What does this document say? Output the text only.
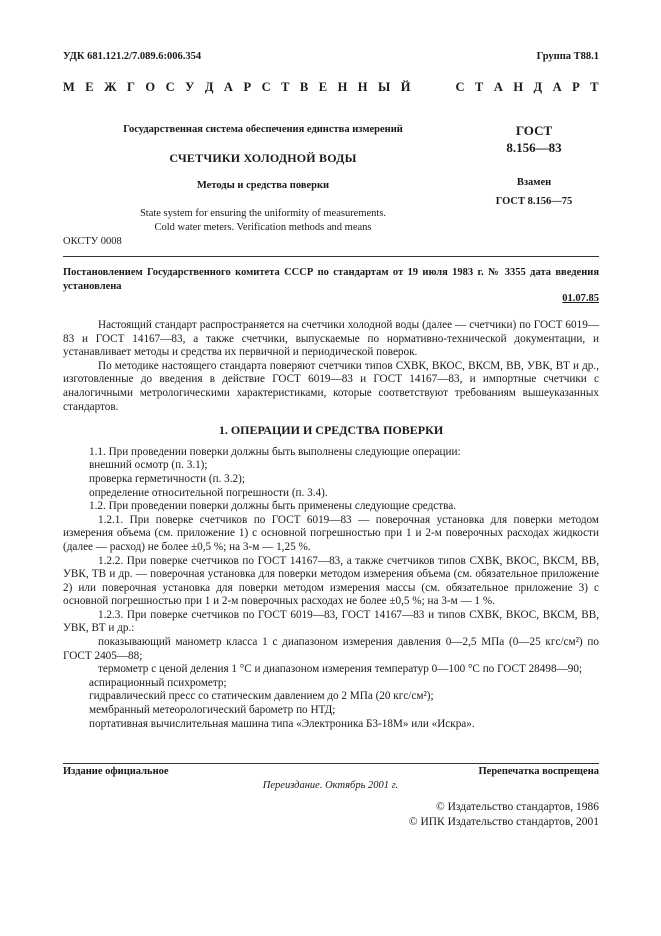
УДК 681.121.2/7.089.6:006.354	Группа Т88.1
М Е Ж Г О С У Д А Р С Т В Е Н Н Ы Й	С Т А Н Д А Р Т
Государственная система обеспечения единства измерений
СЧЕТЧИКИ ХОЛОДНОЙ ВОДЫ
Методы и средства поверки
State system for ensuring the uniformity of measurements.
Cold water meters. Verification methods and means
ГОСТ
8.156—83
Взамен
ГОСТ 8.156—75
ОКСТУ 0008
Постановлением Государственного комитета СССР по стандартам от 19 июля 1983 г. № 3355 дата введения установлена
01.07.85

Настоящий стандарт распространяется на счетчики холодной воды (далее — счетчики) по ГОСТ 6019—83 и ГОСТ 14167—83, а также счетчики, выпускаемые по нормативно-технической документации, и устанавливает методы и средства их первичной и периодической поверок.

По методике настоящего стандарта поверяют счетчики типов СХВК, ВКОС, ВКСМ, ВВ, УВК, ВТ и др., изготовленные до введения в действие ГОСТ 6019—83 и ГОСТ 14167—83, и импортные счетчики с аналогичными метрологическими характеристиками, которые соответствуют требованиям вышеуказанных стандартов.

1. ОПЕРАЦИИ И СРЕДСТВА ПОВЕРКИ

1.1. При проведении поверки должны быть выполнены следующие операции:

внешний осмотр (п. 3.1);

проверка герметичности (п. 3.2);

определение относительной погрешности (п. 3.4).

1.2. При проведении поверки должны быть применены следующие средства.

1.2.1. При поверке счетчиков по ГОСТ 6019—83 — поверочная установка для поверки методом измерения объема (см. приложение 1) с основной погрешностью при 1 и 2-м поверочных расходах жидкости (далее — расход) не более ±0,5 %; на 3-м — 1,25 %.

1.2.2. При поверке счетчиков по ГОСТ 14167—83, а также счетчиков типов СХВК, ВКОС, ВКСМ, ВВ, УВК, ТВ и др. — поверочная установка для поверки методом измерения объема (см. обязательное приложение 2) или поверочная установка для поверки методом измерения массы (см. обязательное приложение 3) с основной погрешностью при 1 и 2-м поверочных расходах не более ±0,5 %; на 3-м — 1 %.

1.2.3. При поверке счетчиков по ГОСТ 6019—83, ГОСТ 14167—83 и типов СХВК, ВКОС, ВКСМ, ВВ, УВК, ВТ и др.:

показывающий манометр класса 1 с диапазоном измерения давления 0—2,5 МПа (0—25 кгс/см²) по ГОСТ 2405—88;

термометр с ценой деления 1 °С и диапазоном измерения температур 0—100 °С по ГОСТ 28498—90;

аспирационный психрометр;

гидравлический пресс со статическим давлением до 2 МПа (20 кгс/см²);

мембранный метеорологический барометр по НТД;

портативная вычислительная машина типа «Электроника Б3-18М» или «Искра».

Издание официальное	Перепечатка воспрещена
Переиздание. Октябрь 2001 г.
© Издательство стандартов, 1986
© ИПК Издательство стандартов, 2001
